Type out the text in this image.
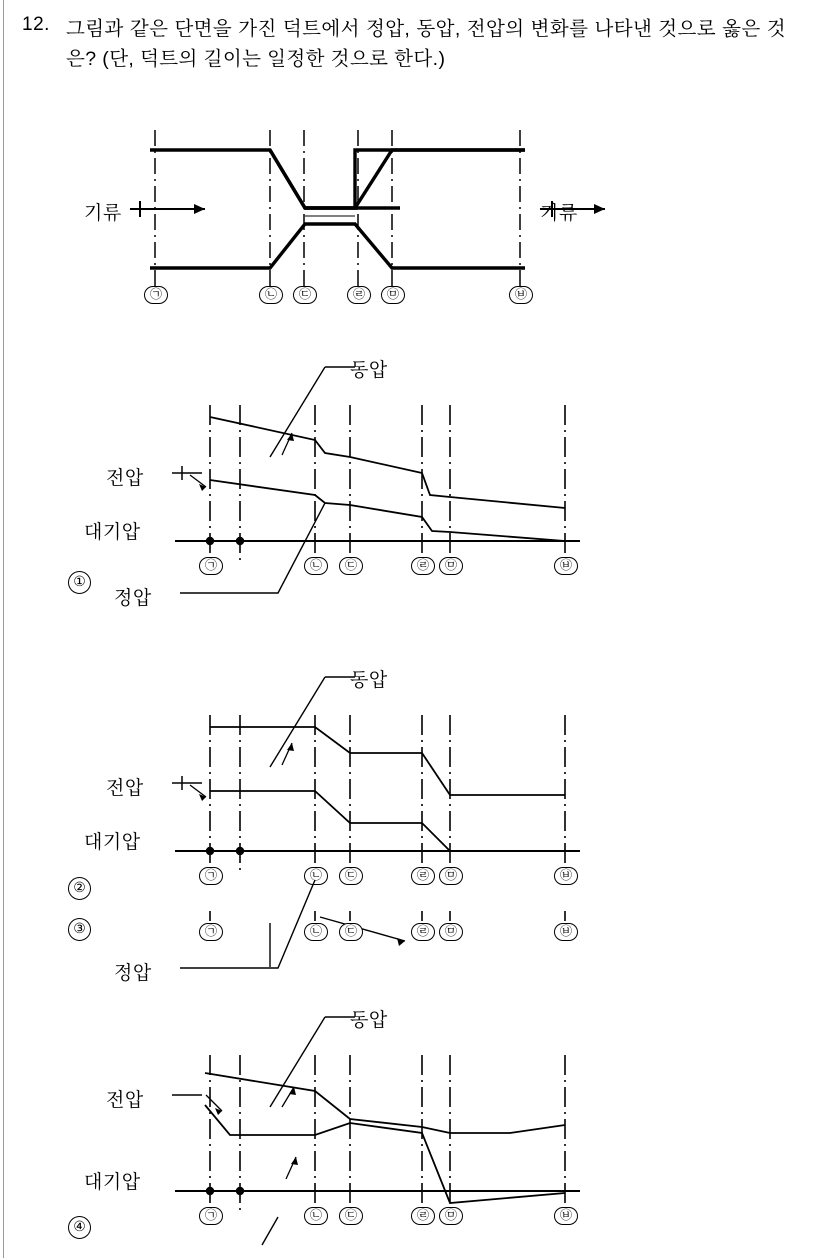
12. 그림과 같은 단면을 가진 덕트에서 정압, 동압, 전압의 변화를 나타낸 것으로 옳은 것은? (단, 덕트의 길이는 일정한 것으로 한다.)
기류	기류
㉠	㉡	㉢	㉣	㉤	㉥
동압
전압
대기압
정압
㉠	㉡	㉢	㉣	㉤	㉥
①
동압
전압
대기압
㉠	㉡	㉢	㉣	㉤	㉥
②
㉠	㉡	㉢	㉣	㉤	㉥
③
정압
동압
전압
대기압
㉠	㉡	㉢	㉣	㉤	㉥
④
